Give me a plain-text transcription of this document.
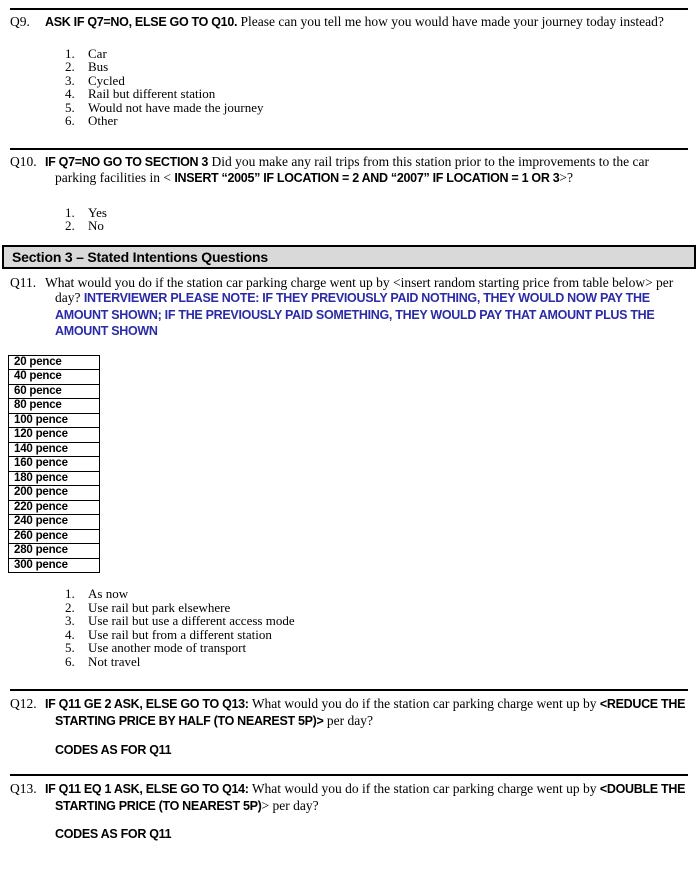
Q9. ASK IF Q7=NO, ELSE GO TO Q10. Please can you tell me how you would have made your journey today instead?
1. Car
2. Bus
3. Cycled
4. Rail but different station
5. Would not have made the journey
6. Other
Q10. IF Q7=NO GO TO SECTION 3 Did you make any rail trips from this station prior to the improvements to the car parking facilities in < INSERT “2005” IF LOCATION = 2 AND “2007” IF LOCATION = 1 OR 3>?
1. Yes
2. No
Section 3 – Stated Intentions Questions
Q11. What would you do if the station car parking charge went up by <insert random starting price from table below> per day? INTERVIEWER PLEASE NOTE: IF THEY PREVIOUSLY PAID NOTHING, THEY WOULD NOW PAY THE AMOUNT SHOWN; IF THE PREVIOUSLY PAID SOMETHING, THEY WOULD PAY THAT AMOUNT PLUS THE AMOUNT SHOWN
20 pence
40 pence
60 pence
80 pence
100 pence
120 pence
140 pence
160 pence
180 pence
200 pence
220 pence
240 pence
260 pence
280 pence
300 pence
1. As now
2. Use rail but park elsewhere
3. Use rail but use a different access mode
4. Use rail but from a different station
5. Use another mode of transport
6. Not travel
Q12. IF Q11 GE 2 ASK, ELSE GO TO Q13: What would you do if the station car parking charge went up by <REDUCE THE STARTING PRICE BY HALF (TO NEAREST 5P)> per day?
CODES AS FOR Q11
Q13. IF Q11 EQ 1 ASK, ELSE GO TO Q14: What would you do if the station car parking charge went up by <DOUBLE THE STARTING PRICE (TO NEAREST 5P)> per day?
CODES AS FOR Q11
